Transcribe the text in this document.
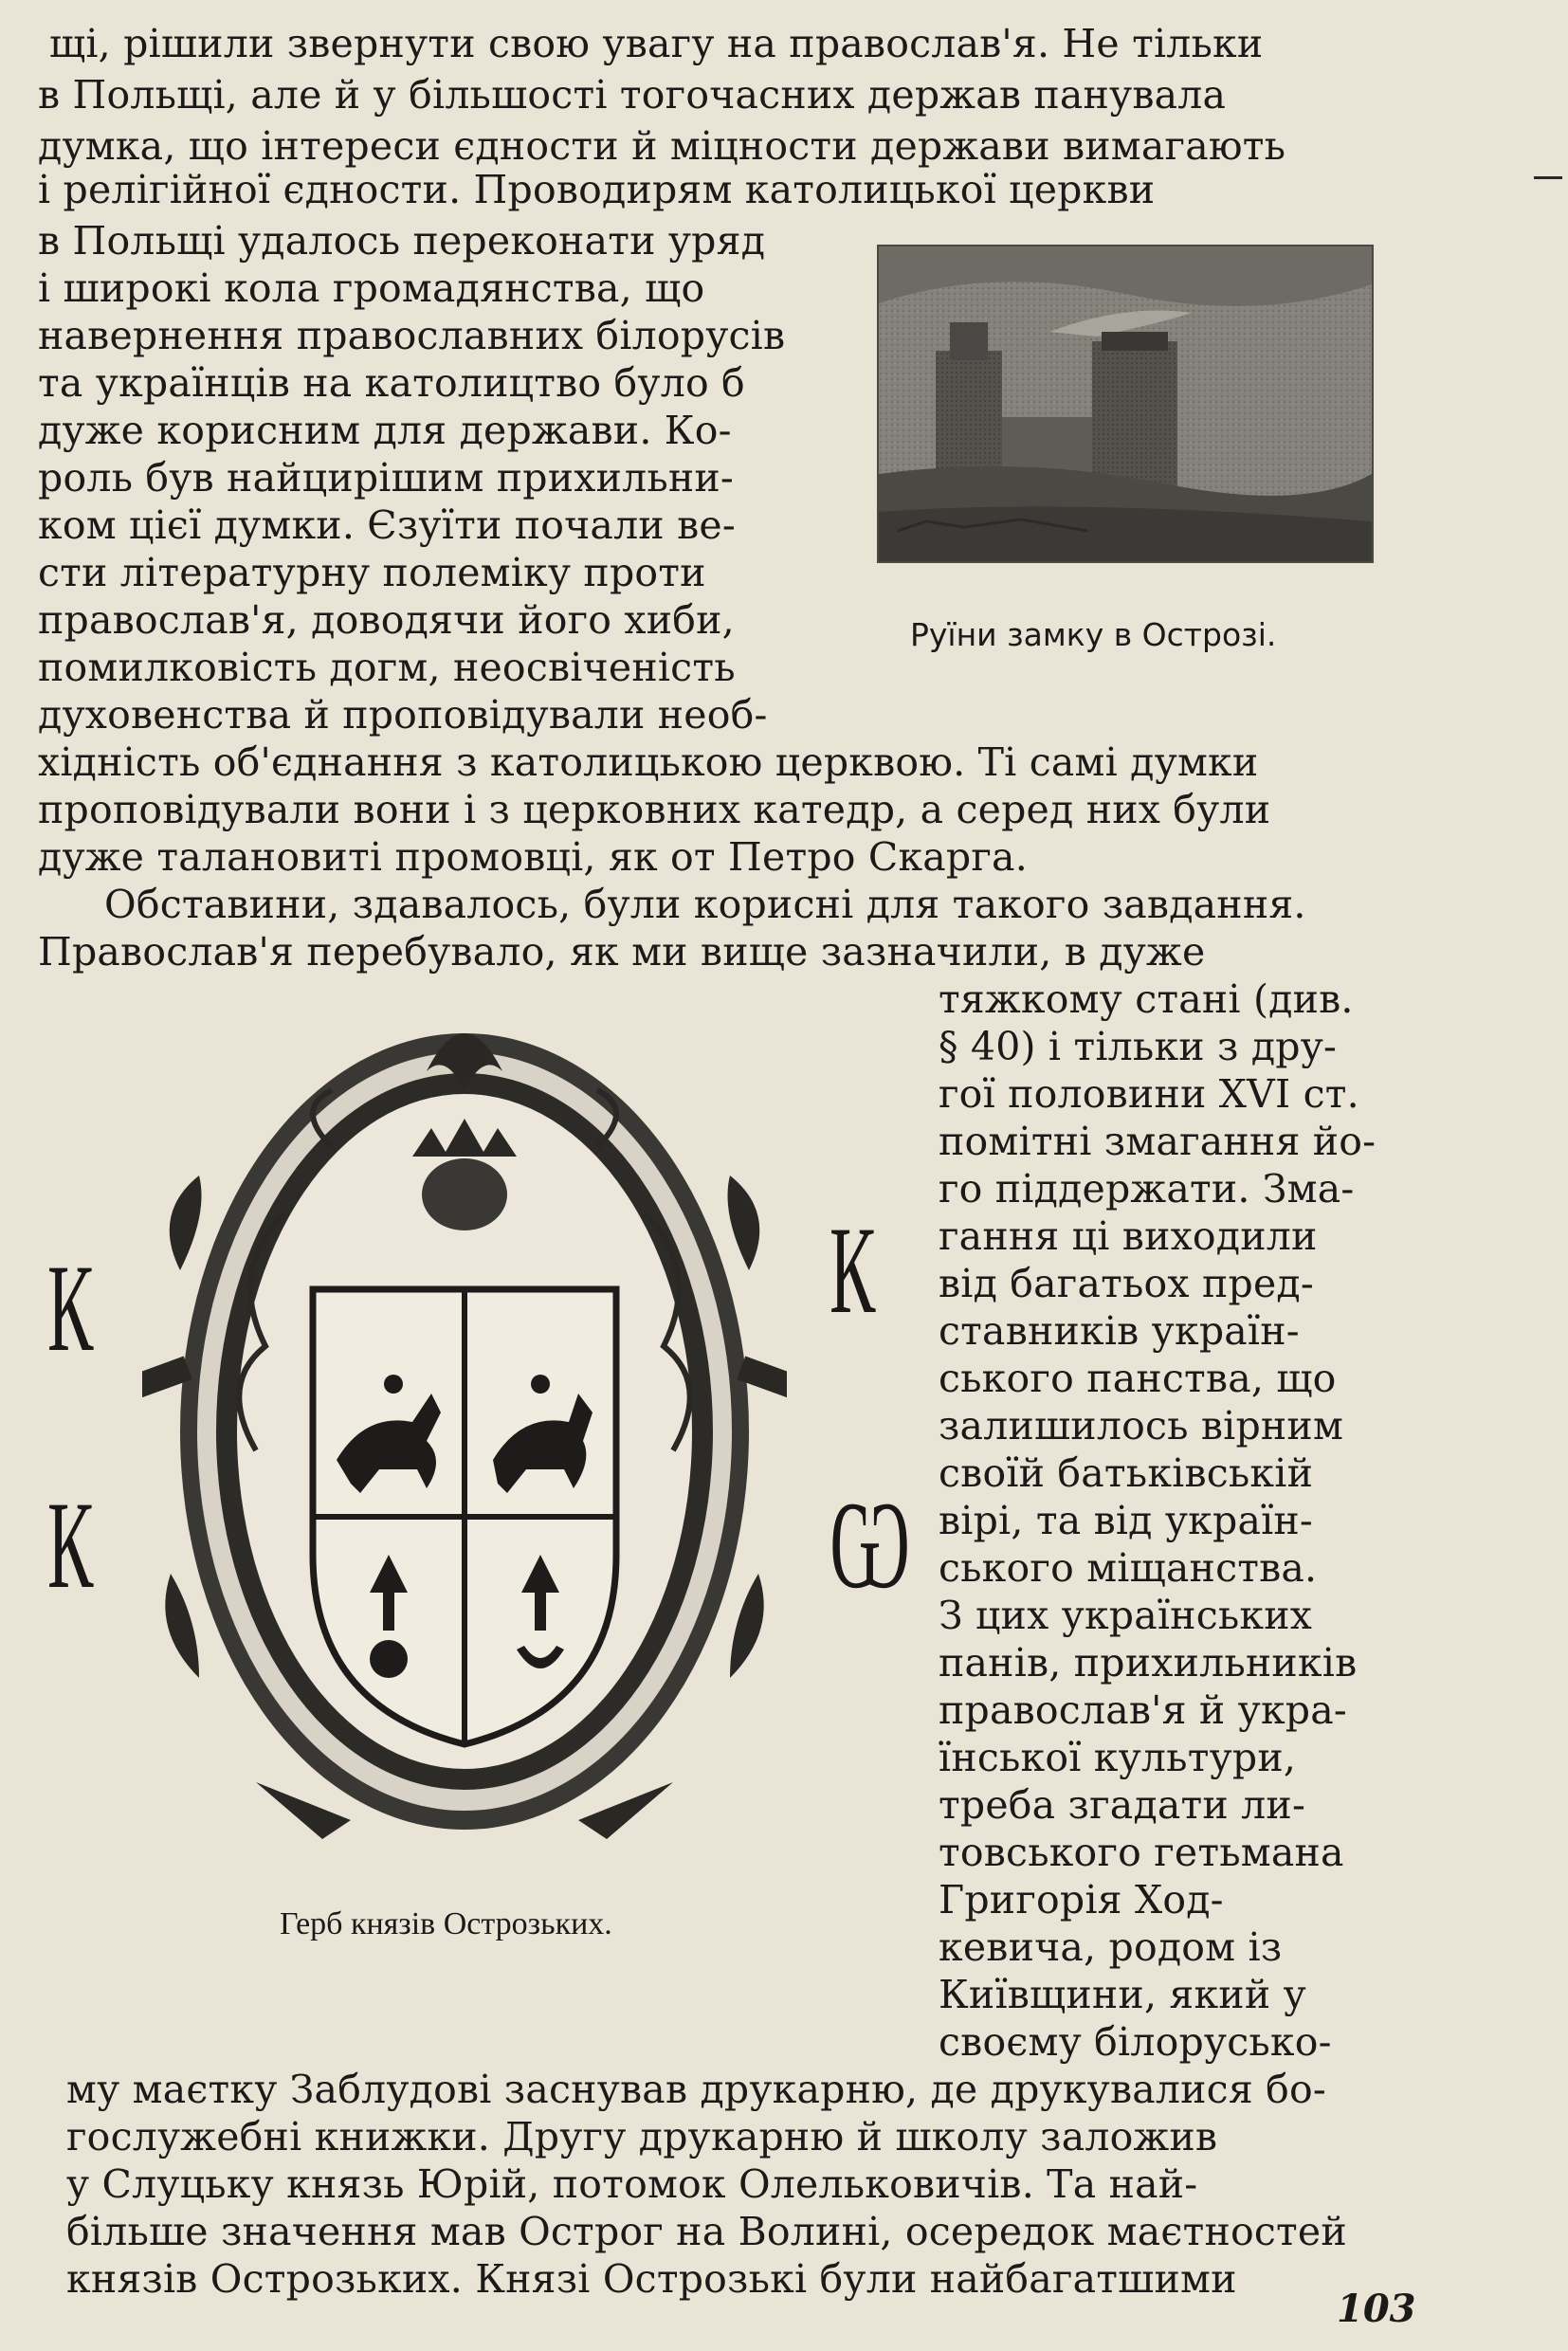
щі, рішили звернути свою увагу на православ'я. Не тільки
в Польщі, але й у більшості тогочасних держав панувала
думка, що інтереси єдности й міцности держави вимагають
і релігійної єдности. Проводирям католицької церкви
в Польщі удалось переконати уряд
і широкі кола громадянства, що
навернення православних білорусів
та українців на католицтво було б
дуже корисним для держави. Ко-
роль був найцирішим прихильни-
ком цієї думки. Єзуїти почали ве-
сти літературну полеміку проти
православ'я, доводячи його хиби,
помилковість догм, неосвіченість
духовенства й проповідували необ-
Руїни замку в Острозі.
хідність об'єднання з католицькою церквою. Ті самі думки
проповідували вони і з церковних катедр, а серед них були
дуже талановиті промовці, як от Петро Скарга.
Обставини, здавалось, були корисні для такого завдання.
Православ'я перебувало, як ми вище зазначили, в дуже
тяжкому стані (див.
§ 40) і тільки з дру-
гої половини XVI ст.
помітні змагання йо-
го піддержати. Зма-
гання ці виходили
від багатьох пред-
ставників україн-
ського панства, що
залишилось вірним
своїй батьківській
вірі, та від україн-
ського міщанства.
З цих українських
панів, прихильників
православ'я й укра-
їнської культури,
треба згадати ли-
товського гетьмана
Григорія Ход-
кевича, родом із
Київщини, який у
своєму білорусько-
К
К
К
Ѡ
Герб князів Острозьких.
му маєтку Заблудові заснував друкарню, де друкувалися бо-
гослужебні книжки. Другу друкарню й школу заложив
у Слуцьку князь Юрій, потомок Олельковичів. Та най-
більше значення мав Острог на Волині, осередок маєтностей
князів Острозьких. Князі Острозькі були найбагатшими
103
